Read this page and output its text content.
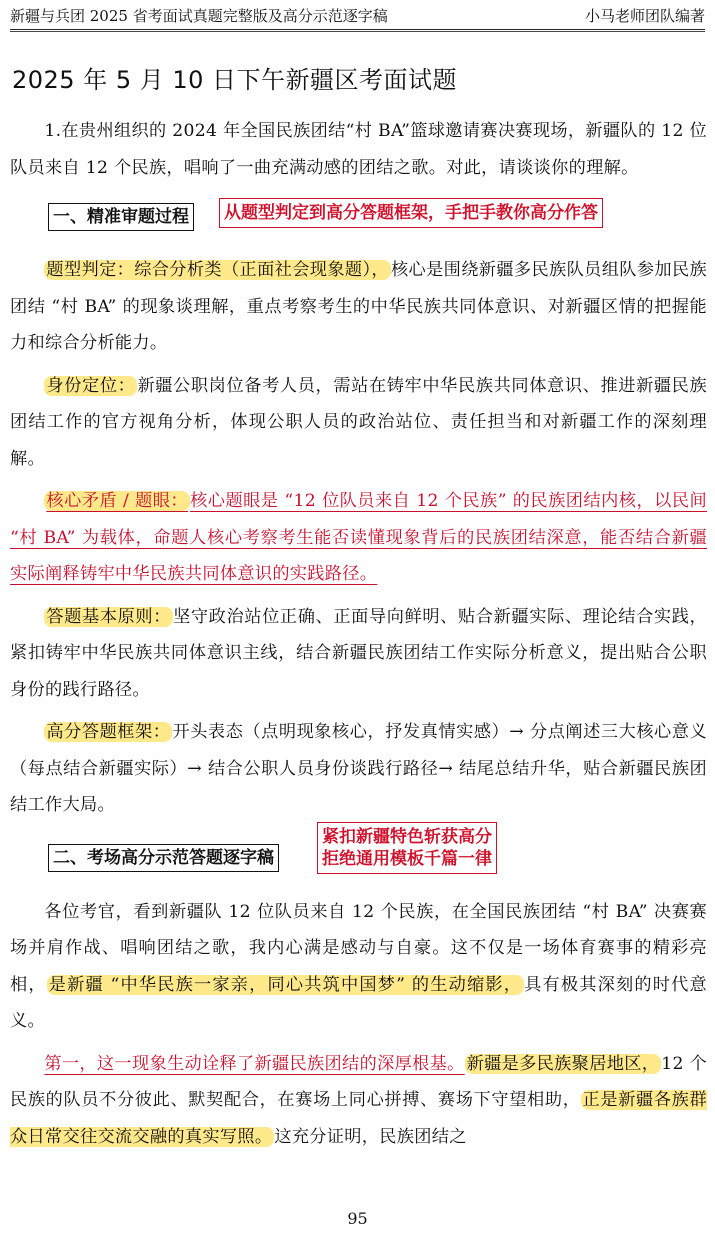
新疆与兵团 2025 省考面试真题完整版及高分示范逐字稿	小马老师团队编著
2025 年 5 月 10 日下午新疆区考面试题

1.在贵州组织的 2024 年全国民族团结“村 BA”篮球邀请赛决赛现场，新疆队的 12 位队员来自 12 个民族，唱响了一曲充满动感的团结之歌。对此，请谈谈你的理解。

一、精准审题过程 从题型判定到高分答题框架，手把手教你高分作答

题型判定：综合分析类（正面社会现象题）， 核心是围绕新疆多民族队员组队参加民族团结 “村 BA” 的现象谈理解，重点考察考生的中华民族共同体意识、对新疆区情的把握能力和综合分析能力。

身份定位： 新疆公职岗位备考人员，需站在铸牢中华民族共同体意识、推进新疆民族团结工作的官方视角分析，体现公职人员的政治站位、责任担当和对新疆工作的深刻理解。

核心矛盾 / 题眼： 核心题眼是 “12 位队员来自 12 个民族” 的民族团结内核，以民间 “村 BA” 为载体，命题人核心考察考生能否读懂现象背后的民族团结深意，能否结合新疆实际阐释铸牢中华民族共同体意识的实践路径。

答题基本原则： 坚守政治站位正确、正面导向鲜明、贴合新疆实际、理论结合实践，紧扣铸牢中华民族共同体意识主线，结合新疆民族团结工作实际分析意义，提出贴合公职身份的践行路径。

高分答题框架： 开头表态（点明现象核心，抒发真情实感）→ 分点阐述三大核心意义（每点结合新疆实际）→ 结合公职人员身份谈践行路径→ 结尾总结升华，贴合新疆民族团结工作大局。

二、考场高分示范答题逐字稿
紧扣新疆特色斩获高分
拒绝通用模板千篇一律

各位考官，看到新疆队 12 位队员来自 12 个民族，在全国民族团结 “村 BA” 决赛赛场并肩作战、唱响团结之歌，我内心满是感动与自豪。这不仅是一场体育赛事的精彩亮相， 是新疆 “中华民族一家亲，同心共筑中国梦” 的生动缩影， 具有极其深刻的时代意义。

第一，这一现象生动诠释了新疆民族团结的深厚根基。 新疆是多民族聚居地区， 12 个民族的队员不分彼此、默契配合，在赛场上同心拼搏、赛场下守望相助， 正是新疆各族群众日常交往交流交融的真实写照。 这充分证明，民族团结之

95
